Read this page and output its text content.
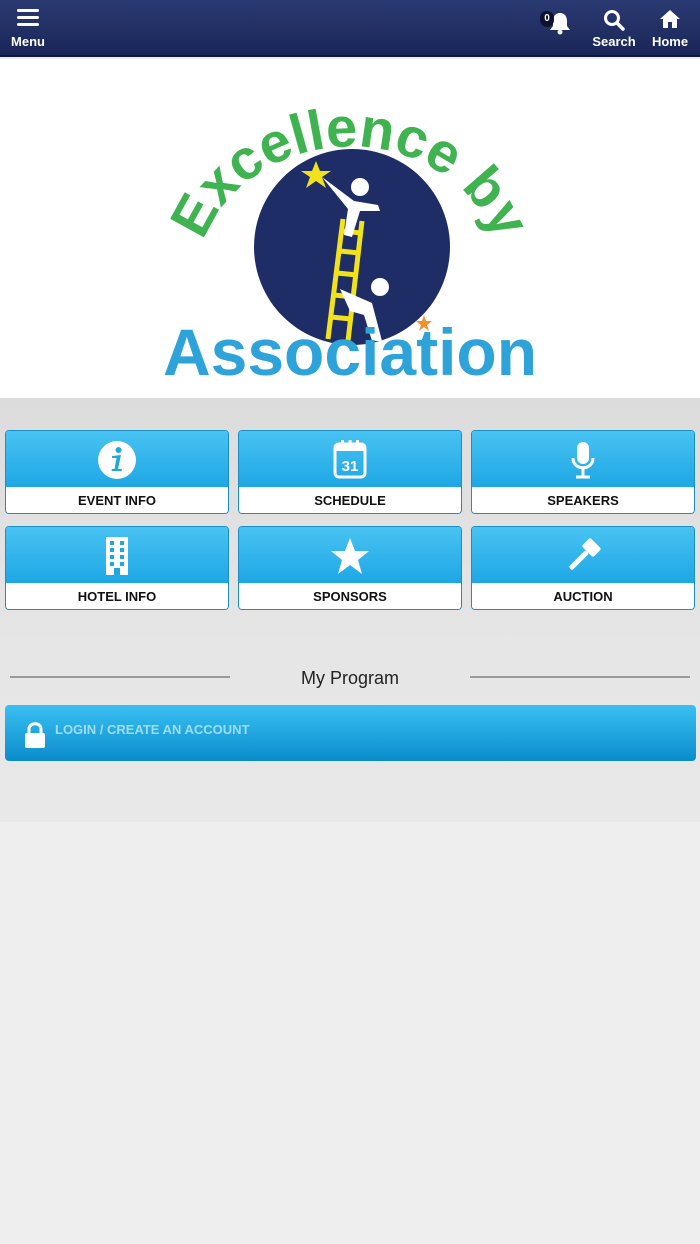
Menu
0
Search	Home
Excellence by
Association
EVENT INFO
31
SCHEDULE	SPEAKERS
HOTEL INFO	SPONSORS	AUCTION
My Program
LOGIN / CREATE AN ACCOUNT
